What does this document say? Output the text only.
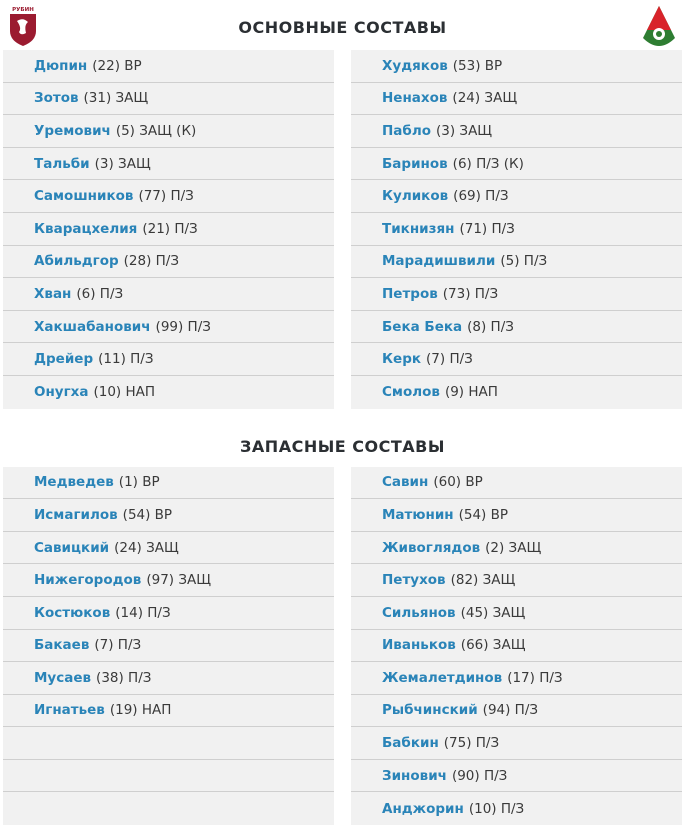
РУБИН
ОСНОВНЫЕ СОСТАВЫ
Дюпин (22) ВР
Зотов (31) ЗАЩ
Уремович (5) ЗАЩ (К)
Тальби (3) ЗАЩ
Самошников (77) П/З
Кварацхелия (21) П/З
Абильдгор (28) П/З
Хван (6) П/З
Хакшабанович (99) П/З
Дрейер (11) П/З
Онугха (10) НАП
Худяков (53) ВР
Ненахов (24) ЗАЩ
Пабло (3) ЗАЩ
Баринов (6) П/З (К)
Куликов (69) П/З
Тикнизян (71) П/З
Марадишвили (5) П/З
Петров (73) П/З
Бека Бека (8) П/З
Керк (7) П/З
Смолов (9) НАП
ЗАПАСНЫЕ СОСТАВЫ
Медведев (1) ВР
Исмагилов (54) ВР
Савицкий (24) ЗАЩ
Нижегородов (97) ЗАЩ
Костюков (14) П/З
Бакаев (7) П/З
Мусаев (38) П/З
Игнатьев (19) НАП
Савин (60) ВР
Матюнин (54) ВР
Живоглядов (2) ЗАЩ
Петухов (82) ЗАЩ
Сильянов (45) ЗАЩ
Иваньков (66) ЗАЩ
Жемалетдинов (17) П/З
Рыбчинский (94) П/З
Бабкин (75) П/З
Зинович (90) П/З
Анджорин (10) П/З
